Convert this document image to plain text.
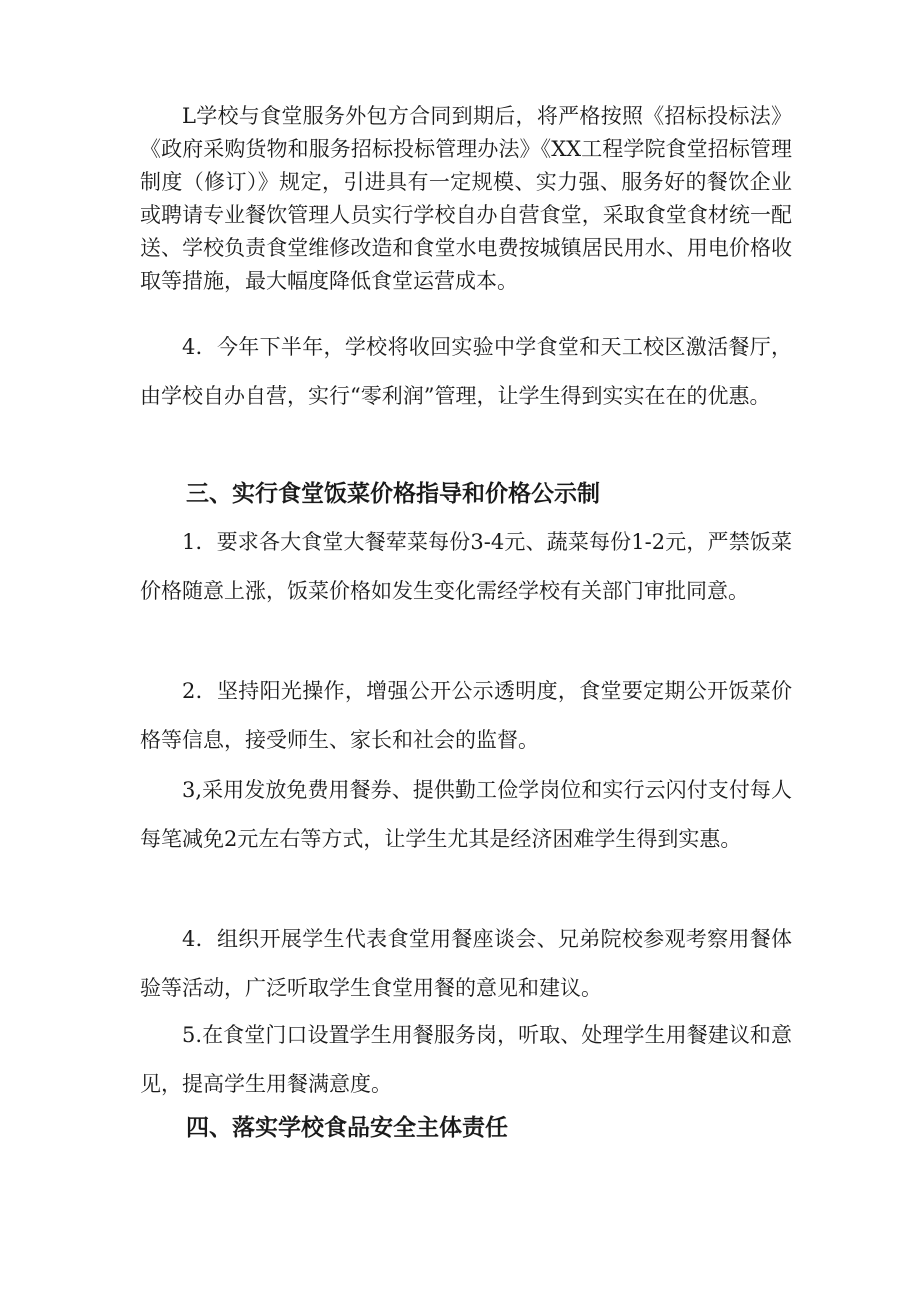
L学校与食堂服务外包方合同到期后，将严格按照《招标投标法》《政府采购货物和服务招标投标管理办法》《XX工程学院食堂招标管理制度（修订）》规定，引进具有一定规模、实力强、服务好的餐饮企业或聘请专业餐饮管理人员实行学校自办自营食堂，采取食堂食材统一配送、学校负责食堂维修改造和食堂水电费按城镇居民用水、用电价格收取等措施，最大幅度降低食堂运营成本。

4．今年下半年，学校将收回实验中学食堂和天工校区激活餐厅，由学校自办自营，实行“零利润”管理，让学生得到实实在在的优惠。

三、实行食堂饭菜价格指导和价格公示制

1．要求各大食堂大餐荤菜每份3-4元、蔬菜每份1-2元，严禁饭菜价格随意上涨，饭菜价格如发生变化需经学校有关部门审批同意。

2．坚持阳光操作，增强公开公示透明度，食堂要定期公开饭菜价格等信息，接受师生、家长和社会的监督。

3,采用发放免费用餐券、提供勤工俭学岗位和实行云闪付支付每人每笔减免2元左右等方式，让学生尤其是经济困难学生得到实惠。

4．组织开展学生代表食堂用餐座谈会、兄弟院校参观考察用餐体验等活动，广泛听取学生食堂用餐的意见和建议。

5.在食堂门口设置学生用餐服务岗，听取、处理学生用餐建议和意见，提高学生用餐满意度。

四、落实学校食品安全主体责任
